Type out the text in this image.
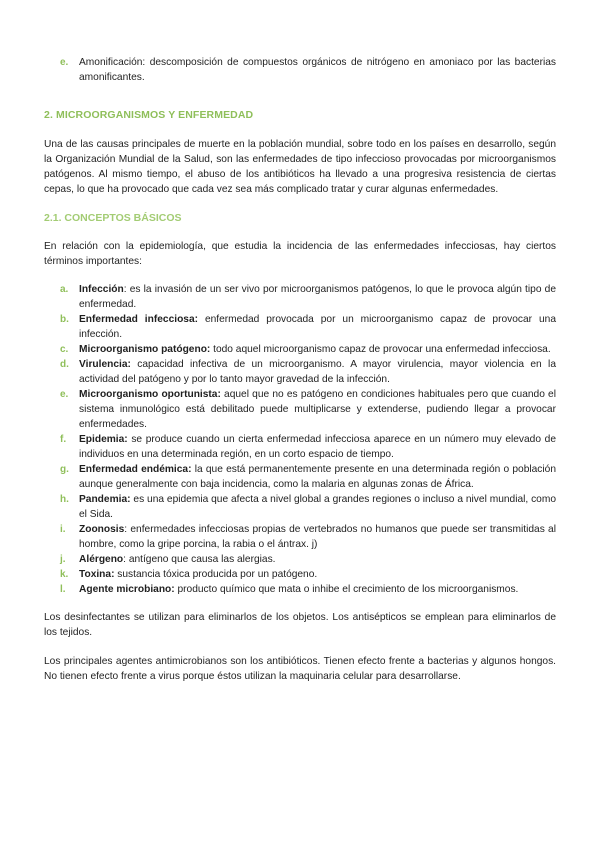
e. Amonificación: descomposición de compuestos orgánicos de nitrógeno en amoniaco por las bacterias amonificantes.
2. MICROORGANISMOS Y ENFERMEDAD

Una de las causas principales de muerte en la población mundial, sobre todo en los países en desarrollo, según la Organización Mundial de la Salud, son las enfermedades de tipo infeccioso provocadas por microorganismos patógenos. Al mismo tiempo, el abuso de los antibióticos ha llevado a una progresiva resistencia de ciertas cepas, lo que ha provocado que cada vez sea más complicado tratar y curar algunas enfermedades.

2.1. CONCEPTOS BÁSICOS

En relación con la epidemiología, que estudia la incidencia de las enfermedades infecciosas, hay ciertos términos importantes:

a. Infección: es la invasión de un ser vivo por microorganismos patógenos, lo que le provoca algún tipo de enfermedad.
b. Enfermedad infecciosa: enfermedad provocada por un microorganismo capaz de provocar una infección.
c. Microorganismo patógeno: todo aquel microorganismo capaz de provocar una enfermedad infecciosa.
d. Virulencia: capacidad infectiva de un microorganismo. A mayor virulencia, mayor violencia en la actividad del patógeno y por lo tanto mayor gravedad de la infección.
e. Microorganismo oportunista: aquel que no es patógeno en condiciones habituales pero que cuando el sistema inmunológico está debilitado puede multiplicarse y extenderse, pudiendo llegar a provocar enfermedades.
f. Epidemia: se produce cuando un cierta enfermedad infecciosa aparece en un número muy elevado de individuos en una determinada región, en un corto espacio de tiempo.
g. Enfermedad endémica: la que está permanentemente presente en una determinada región o población aunque generalmente con baja incidencia, como la malaria en algunas zonas de África.
h. Pandemia: es una epidemia que afecta a nivel global a grandes regiones o incluso a nivel mundial, como el Sida.
i. Zoonosis: enfermedades infecciosas propias de vertebrados no humanos que puede ser transmitidas al hombre, como la gripe porcina, la rabia o el ántrax. j)
j. Alérgeno: antígeno que causa las alergias.
k. Toxina: sustancia tóxica producida por un patógeno.
l. Agente microbiano: producto químico que mata o inhibe el crecimiento de los microorganismos.

Los desinfectantes se utilizan para eliminarlos de los objetos. Los antisépticos se emplean para eliminarlos de los tejidos.

Los principales agentes antimicrobianos son los antibióticos. Tienen efecto frente a bacterias y algunos hongos. No tienen efecto frente a virus porque éstos utilizan la maquinaria celular para desarrollarse.
